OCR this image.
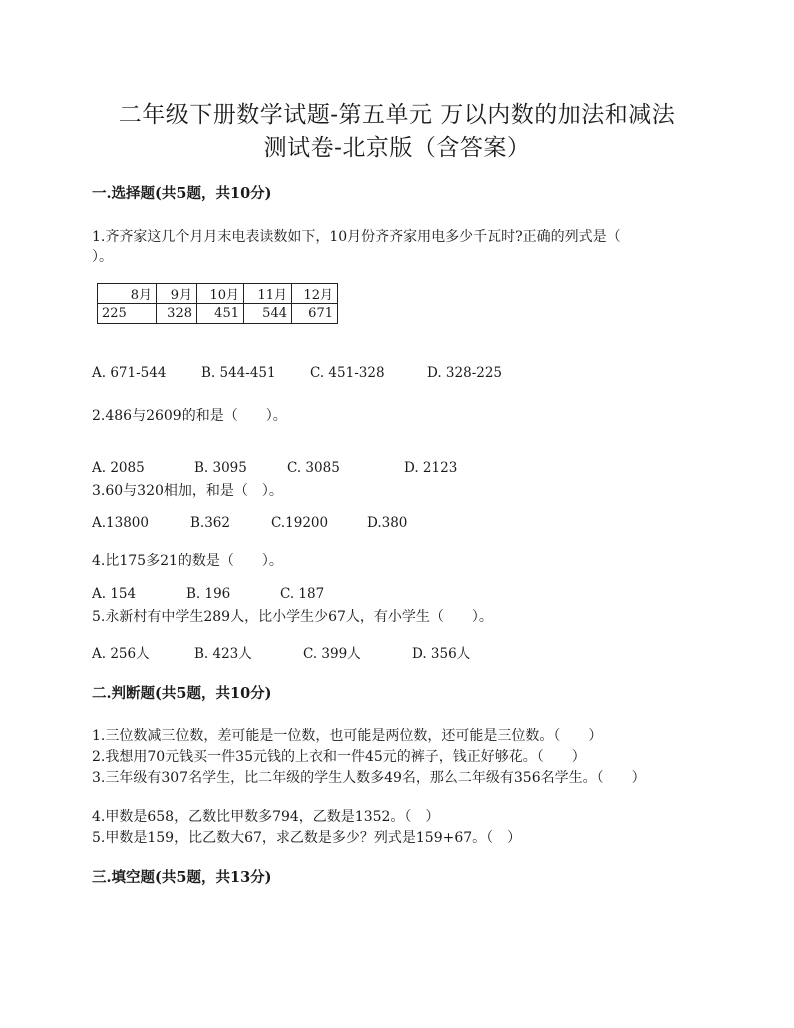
二年级下册数学试题-第五单元 万以内数的加法和减法
测试卷-北京版（含答案）
一.选择题(共5题，共10分)
1.齐齐家这几个月月末电表读数如下，10月份齐齐家用电多少千瓦时?正确的列式是（
）。
8月	9月	10月	11月	12月
225	328	451	544	671
A. 671-544	B. 544-451	C. 451-328	D. 328-225
2.486与2609的和是（　　）。
A. 2085	B. 3095	C. 3085	D. 2123
3.60与320相加，和是（　）。
A.13800	B.362	C.19200	D.380
4.比175多21的数是（　　）。
A. 154	B. 196	C. 187
5.永新村有中学生289人，比小学生少67人，有小学生（　　）。
A. 256人	B. 423人	C. 399人	D. 356人
二.判断题(共5题，共10分)
1.三位数减三位数，差可能是一位数，也可能是两位数，还可能是三位数。（　　）
2.我想用70元钱买一件35元钱的上衣和一件45元的裤子，钱正好够花。（　　）
3.三年级有307名学生，比二年级的学生人数多49名，那么二年级有356名学生。（　　）
4.甲数是658，乙数比甲数多794，乙数是1352。（　）
5.甲数是159，比乙数大67，求乙数是多少？列式是159+67。（　）
三.填空题(共5题，共13分)
